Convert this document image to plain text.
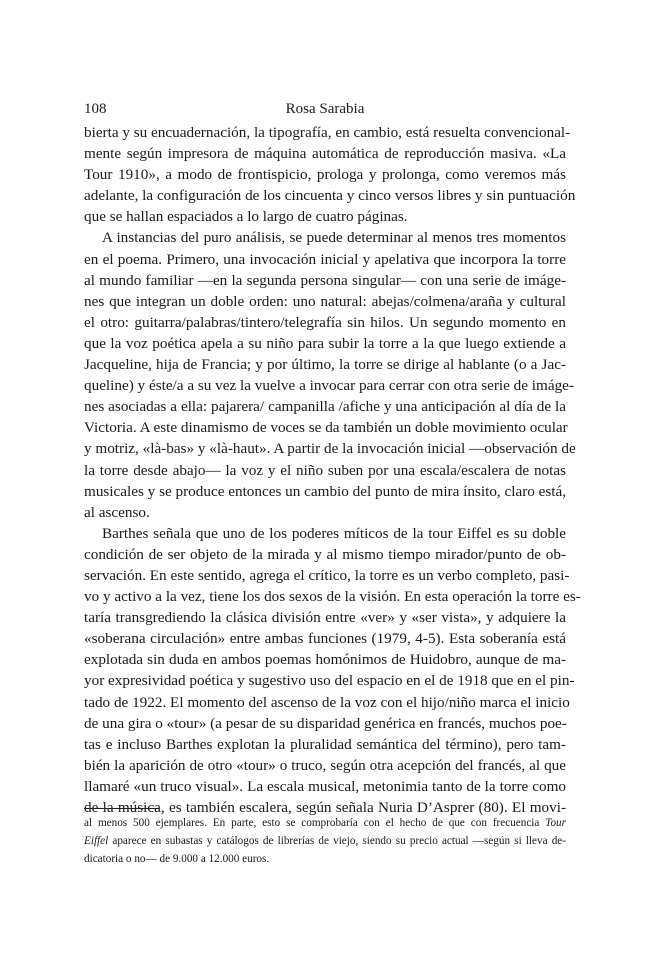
108	Rosa Sarabia
bierta y su encuadernación, la tipografía, en cambio, está resuelta convencional-
mente según impresora de máquina automática de reproducción masiva. «La
Tour 1910», a modo de frontispicio, prologa y prolonga, como veremos más
adelante, la configuración de los cincuenta y cinco versos libres y sin puntuación
que se hallan espaciados a lo largo de cuatro páginas.
A instancias del puro análisis, se puede determinar al menos tres momentos
en el poema. Primero, una invocación inicial y apelativa que incorpora la torre
al mundo familiar —en la segunda persona singular— con una serie de imáge-
nes que integran un doble orden: uno natural: abejas/colmena/araña y cultural
el otro: guitarra/palabras/tintero/telegrafía sin hilos. Un segundo momento en
que la voz poética apela a su niño para subir la torre a la que luego extiende a
Jacqueline, hija de Francia; y por último, la torre se dirige al hablante (o a Jac-
queline) y éste/a a su vez la vuelve a invocar para cerrar con otra serie de imáge-
nes asociadas a ella: pajarera/ campanilla /afiche y una anticipación al día de la
Victoria. A este dinamismo de voces se da también un doble movimiento ocular
y motriz, «là-bas» y «là-haut». A partir de la invocación inicial —observación de
la torre desde abajo— la voz y el niño suben por una escala/escalera de notas
musicales y se produce entonces un cambio del punto de mira ínsito, claro está,
al ascenso.
Barthes señala que uno de los poderes míticos de la tour Eiffel es su doble
condición de ser objeto de la mirada y al mismo tiempo mirador/punto de ob-
servación. En este sentido, agrega el crítico, la torre es un verbo completo, pasi-
vo y activo a la vez, tiene los dos sexos de la visión. En esta operación la torre es-
taría transgrediendo la clásica división entre «ver» y «ser vista», y adquiere la
«soberana circulación» entre ambas funciones (1979, 4-5). Esta soberanía está
explotada sin duda en ambos poemas homónimos de Huidobro, aunque de ma-
yor expresividad poética y sugestivo uso del espacio en el de 1918 que en el pin-
tado de 1922. El momento del ascenso de la voz con el hijo/niño marca el inicio
de una gira o «tour» (a pesar de su disparidad genérica en francés, muchos poe-
tas e incluso Barthes explotan la pluralidad semántica del término), pero tam-
bién la aparición de otro «tour» o truco, según otra acepción del francés, al que
llamaré «un truco visual». La escala musical, metonimia tanto de la torre como
de la música, es también escalera, según señala Nuria D’Asprer (80). El movi-
al menos 500 ejemplares. En parte, esto se comprobaría con el hecho de que con frecuencia Tour
Eiffel aparece en subastas y catálogos de librerías de viejo, siendo su precio actual —según si lleva de-
dicatoria o no— de 9.000 a 12.000 euros.
